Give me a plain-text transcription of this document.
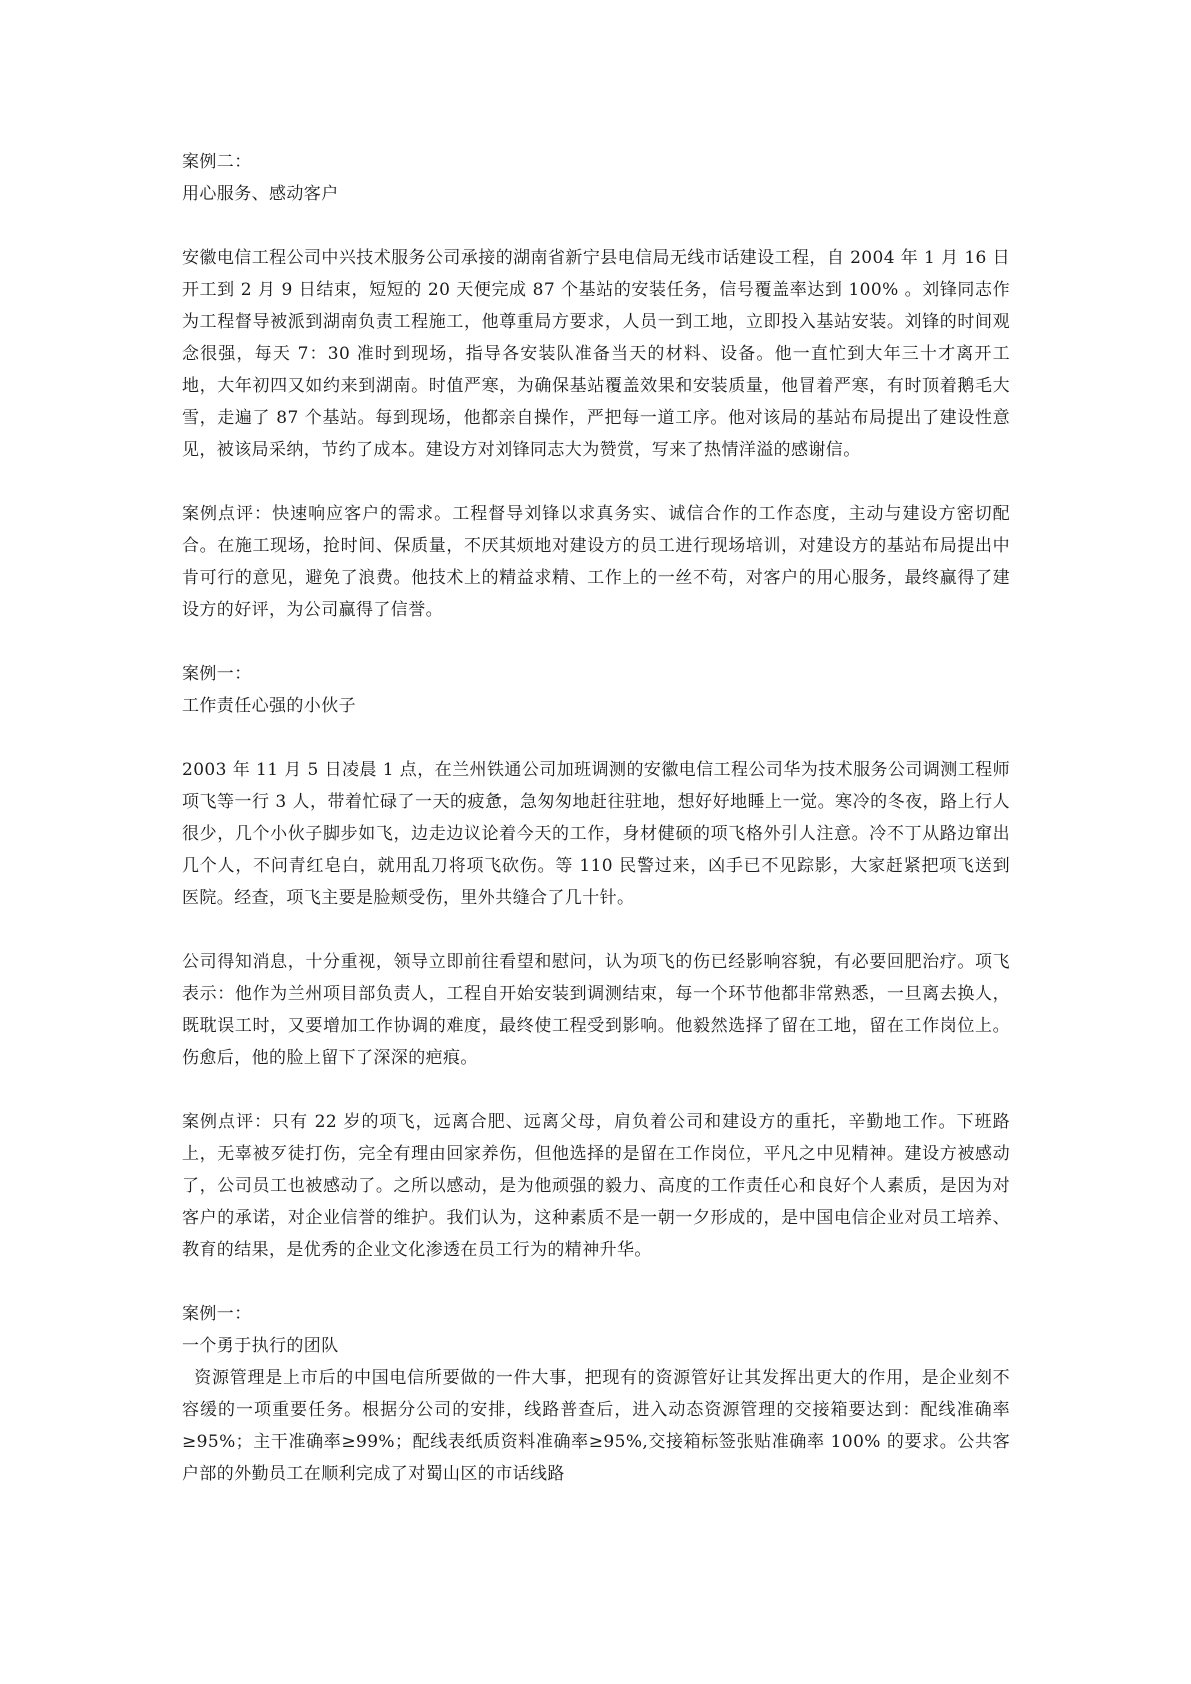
案例二：

用心服务、感动客户

安徽电信工程公司中兴技术服务公司承接的湖南省新宁县电信局无线市话建设工程，自 2004 年 1 月 16 日开工到 2 月 9 日结束，短短的 20 天便完成 87 个基站的安装任务，信号覆盖率达到 100% 。刘锋同志作为工程督导被派到湖南负责工程施工，他尊重局方要求，人员一到工地，立即投入基站安装。刘锋的时间观念很强，每天 7：30 准时到现场，指导各安装队准备当天的材料、设备。他一直忙到大年三十才离开工地，大年初四又如约来到湖南。时值严寒，为确保基站覆盖效果和安装质量，他冒着严寒，有时顶着鹅毛大雪，走遍了 87 个基站。每到现场，他都亲自操作，严把每一道工序。他对该局的基站布局提出了建设性意见，被该局采纳，节约了成本。建设方对刘锋同志大为赞赏，写来了热情洋溢的感谢信。

案例点评：快速响应客户的需求。工程督导刘锋以求真务实、诚信合作的工作态度，主动与建设方密切配合。在施工现场，抢时间、保质量，不厌其烦地对建设方的员工进行现场培训，对建设方的基站布局提出中肯可行的意见，避免了浪费。他技术上的精益求精、工作上的一丝不苟，对客户的用心服务，最终赢得了建设方的好评，为公司赢得了信誉。

案例一：

工作责任心强的小伙子

2003 年 11 月 5 日凌晨 1 点，在兰州铁通公司加班调测的安徽电信工程公司华为技术服务公司调测工程师项飞等一行 3 人，带着忙碌了一天的疲惫，急匆匆地赶往驻地，想好好地睡上一觉。寒冷的冬夜，路上行人很少，几个小伙子脚步如飞，边走边议论着今天的工作，身材健硕的项飞格外引人注意。冷不丁从路边窜出几个人，不问青红皂白，就用乱刀将项飞砍伤。等 110 民警过来，凶手已不见踪影，大家赶紧把项飞送到医院。经查，项飞主要是脸颊受伤，里外共缝合了几十针。

公司得知消息，十分重视，领导立即前往看望和慰问，认为项飞的伤已经影响容貌，有必要回肥治疗。项飞表示：他作为兰州项目部负责人，工程自开始安装到调测结束，每一个环节他都非常熟悉，一旦离去换人，既耽误工时，又要增加工作协调的难度，最终使工程受到影响。他毅然选择了留在工地，留在工作岗位上。伤愈后，他的脸上留下了深深的疤痕。

案例点评：只有 22 岁的项飞，远离合肥、远离父母，肩负着公司和建设方的重托，辛勤地工作。下班路上，无辜被歹徒打伤，完全有理由回家养伤，但他选择的是留在工作岗位，平凡之中见精神。建设方被感动了，公司员工也被感动了。之所以感动，是为他顽强的毅力、高度的工作责任心和良好个人素质，是因为对客户的承诺，对企业信誉的维护。我们认为，这种素质不是一朝一夕形成的，是中国电信企业对员工培养、教育的结果，是优秀的企业文化渗透在员工行为的精神升华。

案例一：

一个勇于执行的团队

资源管理是上市后的中国电信所要做的一件大事，把现有的资源管好让其发挥出更大的作用，是企业刻不容缓的一项重要任务。根据分公司的安排，线路普查后，进入动态资源管理的交接箱要达到：配线准确率≥95%；主干准确率≥99%；配线表纸质资料准确率≥95%,交接箱标签张贴准确率 100% 的要求。公共客户部的外勤员工在顺利完成了对蜀山区的市话线路
